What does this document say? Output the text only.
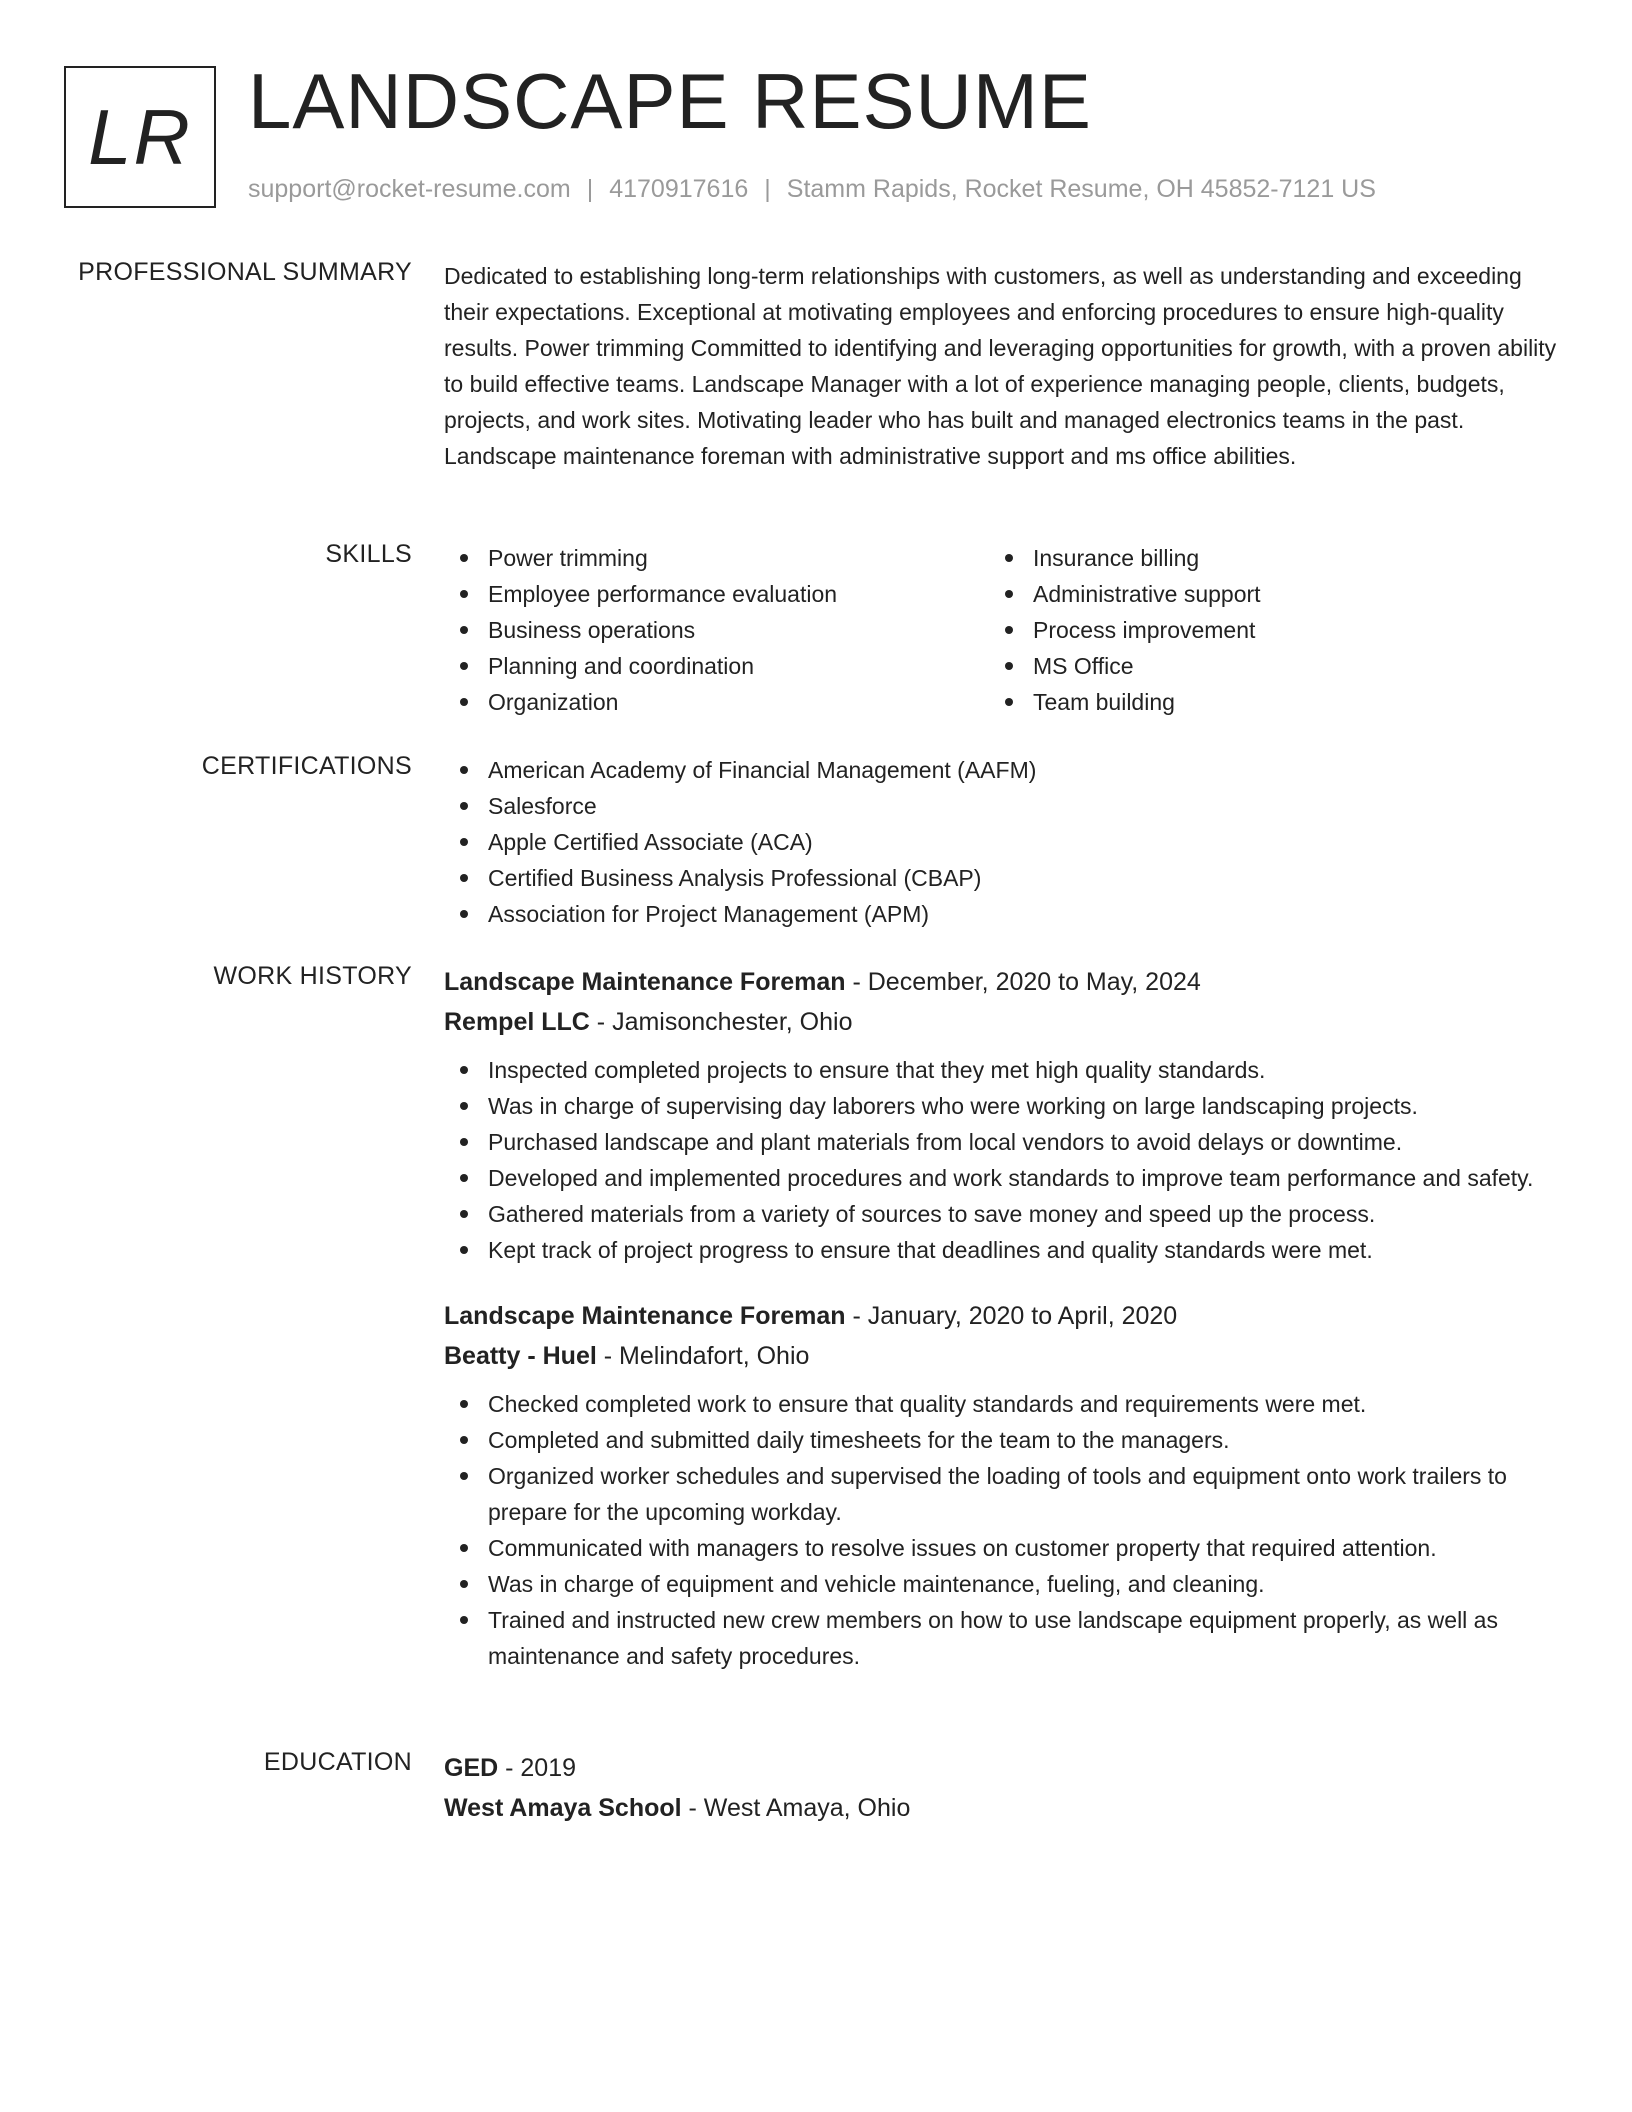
LR LANDSCAPE RESUME
support@rocket-resume.com | 4170917616 | Stamm Rapids, Rocket Resume, OH 45852-7121 US
PROFESSIONAL SUMMARY Dedicated to establishing long-term relationships with customers, as well as understanding and exceeding their expectations. Exceptional at motivating employees and enforcing procedures to ensure high-quality results. Power trimming Committed to identifying and leveraging opportunities for growth, with a proven ability to build effective teams. Landscape Manager with a lot of experience managing people, clients, budgets, projects, and work sites. Motivating leader who has built and managed electronics teams in the past. Landscape maintenance foreman with administrative support and ms office abilities.
SKILLS	Power trimming
Employee performance evaluation
Business operations
Planning and coordination
Organization
Insurance billing
Administrative support
Process improvement
MS Office
Team building
CERTIFICATIONS	American Academy of Financial Management (AAFM)
Salesforce
Apple Certified Associate (ACA)
Certified Business Analysis Professional (CBAP)
Association for Project Management (APM)
WORK HISTORY Landscape Maintenance Foreman - December, 2020 to May, 2024
Rempel LLC - Jamisonchester, Ohio
Inspected completed projects to ensure that they met high quality standards.
Was in charge of supervising day laborers who were working on large landscaping projects.
Purchased landscape and plant materials from local vendors to avoid delays or downtime.
Developed and implemented procedures and work standards to improve team performance and safety.
Gathered materials from a variety of sources to save money and speed up the process.
Kept track of project progress to ensure that deadlines and quality standards were met.
Landscape Maintenance Foreman - January, 2020 to April, 2020
Beatty - Huel - Melindafort, Ohio
Checked completed work to ensure that quality standards and requirements were met.
Completed and submitted daily timesheets for the team to the managers.
Organized worker schedules and supervised the loading of tools and equipment onto work trailers to prepare for the upcoming workday.
Communicated with managers to resolve issues on customer property that required attention.
Was in charge of equipment and vehicle maintenance, fueling, and cleaning.
Trained and instructed new crew members on how to use landscape equipment properly, as well as maintenance and safety procedures.
EDUCATION GED - 2019
West Amaya School - West Amaya, Ohio
